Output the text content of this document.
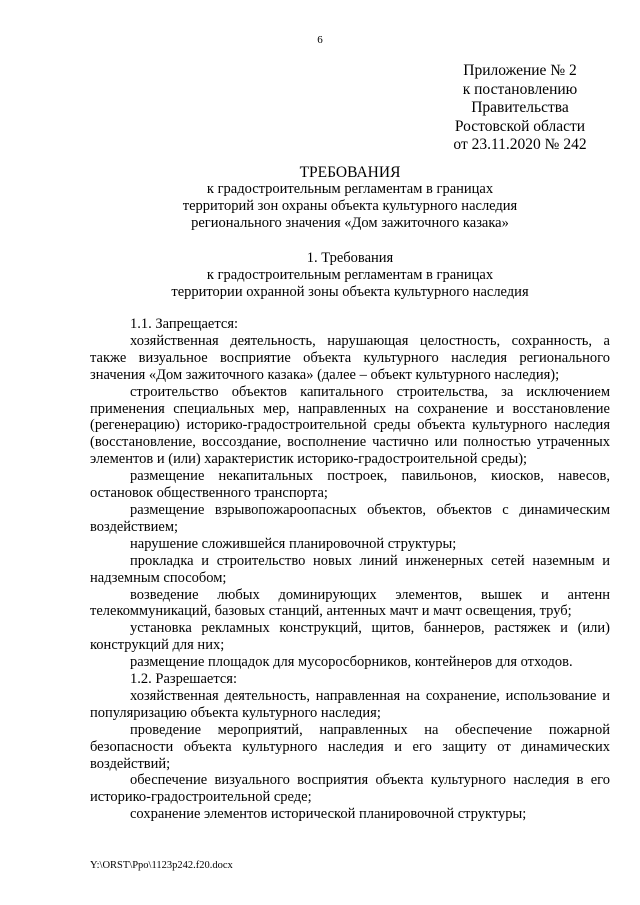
6
Приложение № 2
к постановлению
Правительства
Ростовской области
от 23.11.2020 № 242
ТРЕБОВАНИЯ
к градостроительным регламентам в границах
территорий зон охраны объекта культурного наследия
регионального значения «Дом зажиточного казака»
1. Требования
к градостроительным регламентам в границах
территории охранной зоны объекта культурного наследия

1.1. Запрещается:

хозяйственная деятельность, нарушающая целостность, сохранность, а также визуальное восприятие объекта культурного наследия регионального значения «Дом зажиточного казака» (далее – объект культурного наследия);

строительство объектов капитального строительства, за исключением применения специальных мер, направленных на сохранение и восстановление (регенерацию) историко-градостроительной среды объекта культурного наследия (восстановление, воссоздание, восполнение частично или полностью утраченных элементов и (или) характеристик историко-градостроительной среды);

размещение некапитальных построек, павильонов, киосков, навесов, остановок общественного транспорта;

размещение взрывопожароопасных объектов, объектов с динамическим воздействием;

нарушение сложившейся планировочной структуры;

прокладка и строительство новых линий инженерных сетей наземным и надземным способом;

возведение любых доминирующих элементов, вышек и антенн телекоммуникаций, базовых станций, антенных мачт и мачт освещения, труб;

установка рекламных конструкций, щитов, баннеров, растяжек и (или) конструкций для них;

размещение площадок для мусоросборников, контейнеров для отходов.

1.2. Разрешается:

хозяйственная деятельность, направленная на сохранение, использование и популяризацию объекта культурного наследия;

проведение мероприятий, направленных на обеспечение пожарной безопасности объекта культурного наследия и его защиту от динамических воздействий;

обеспечение визуального восприятия объекта культурного наследия в его историко-градостроительной среде;

сохранение элементов исторической планировочной структуры;

Y:\ORST\Ppo\1123p242.f20.docx
